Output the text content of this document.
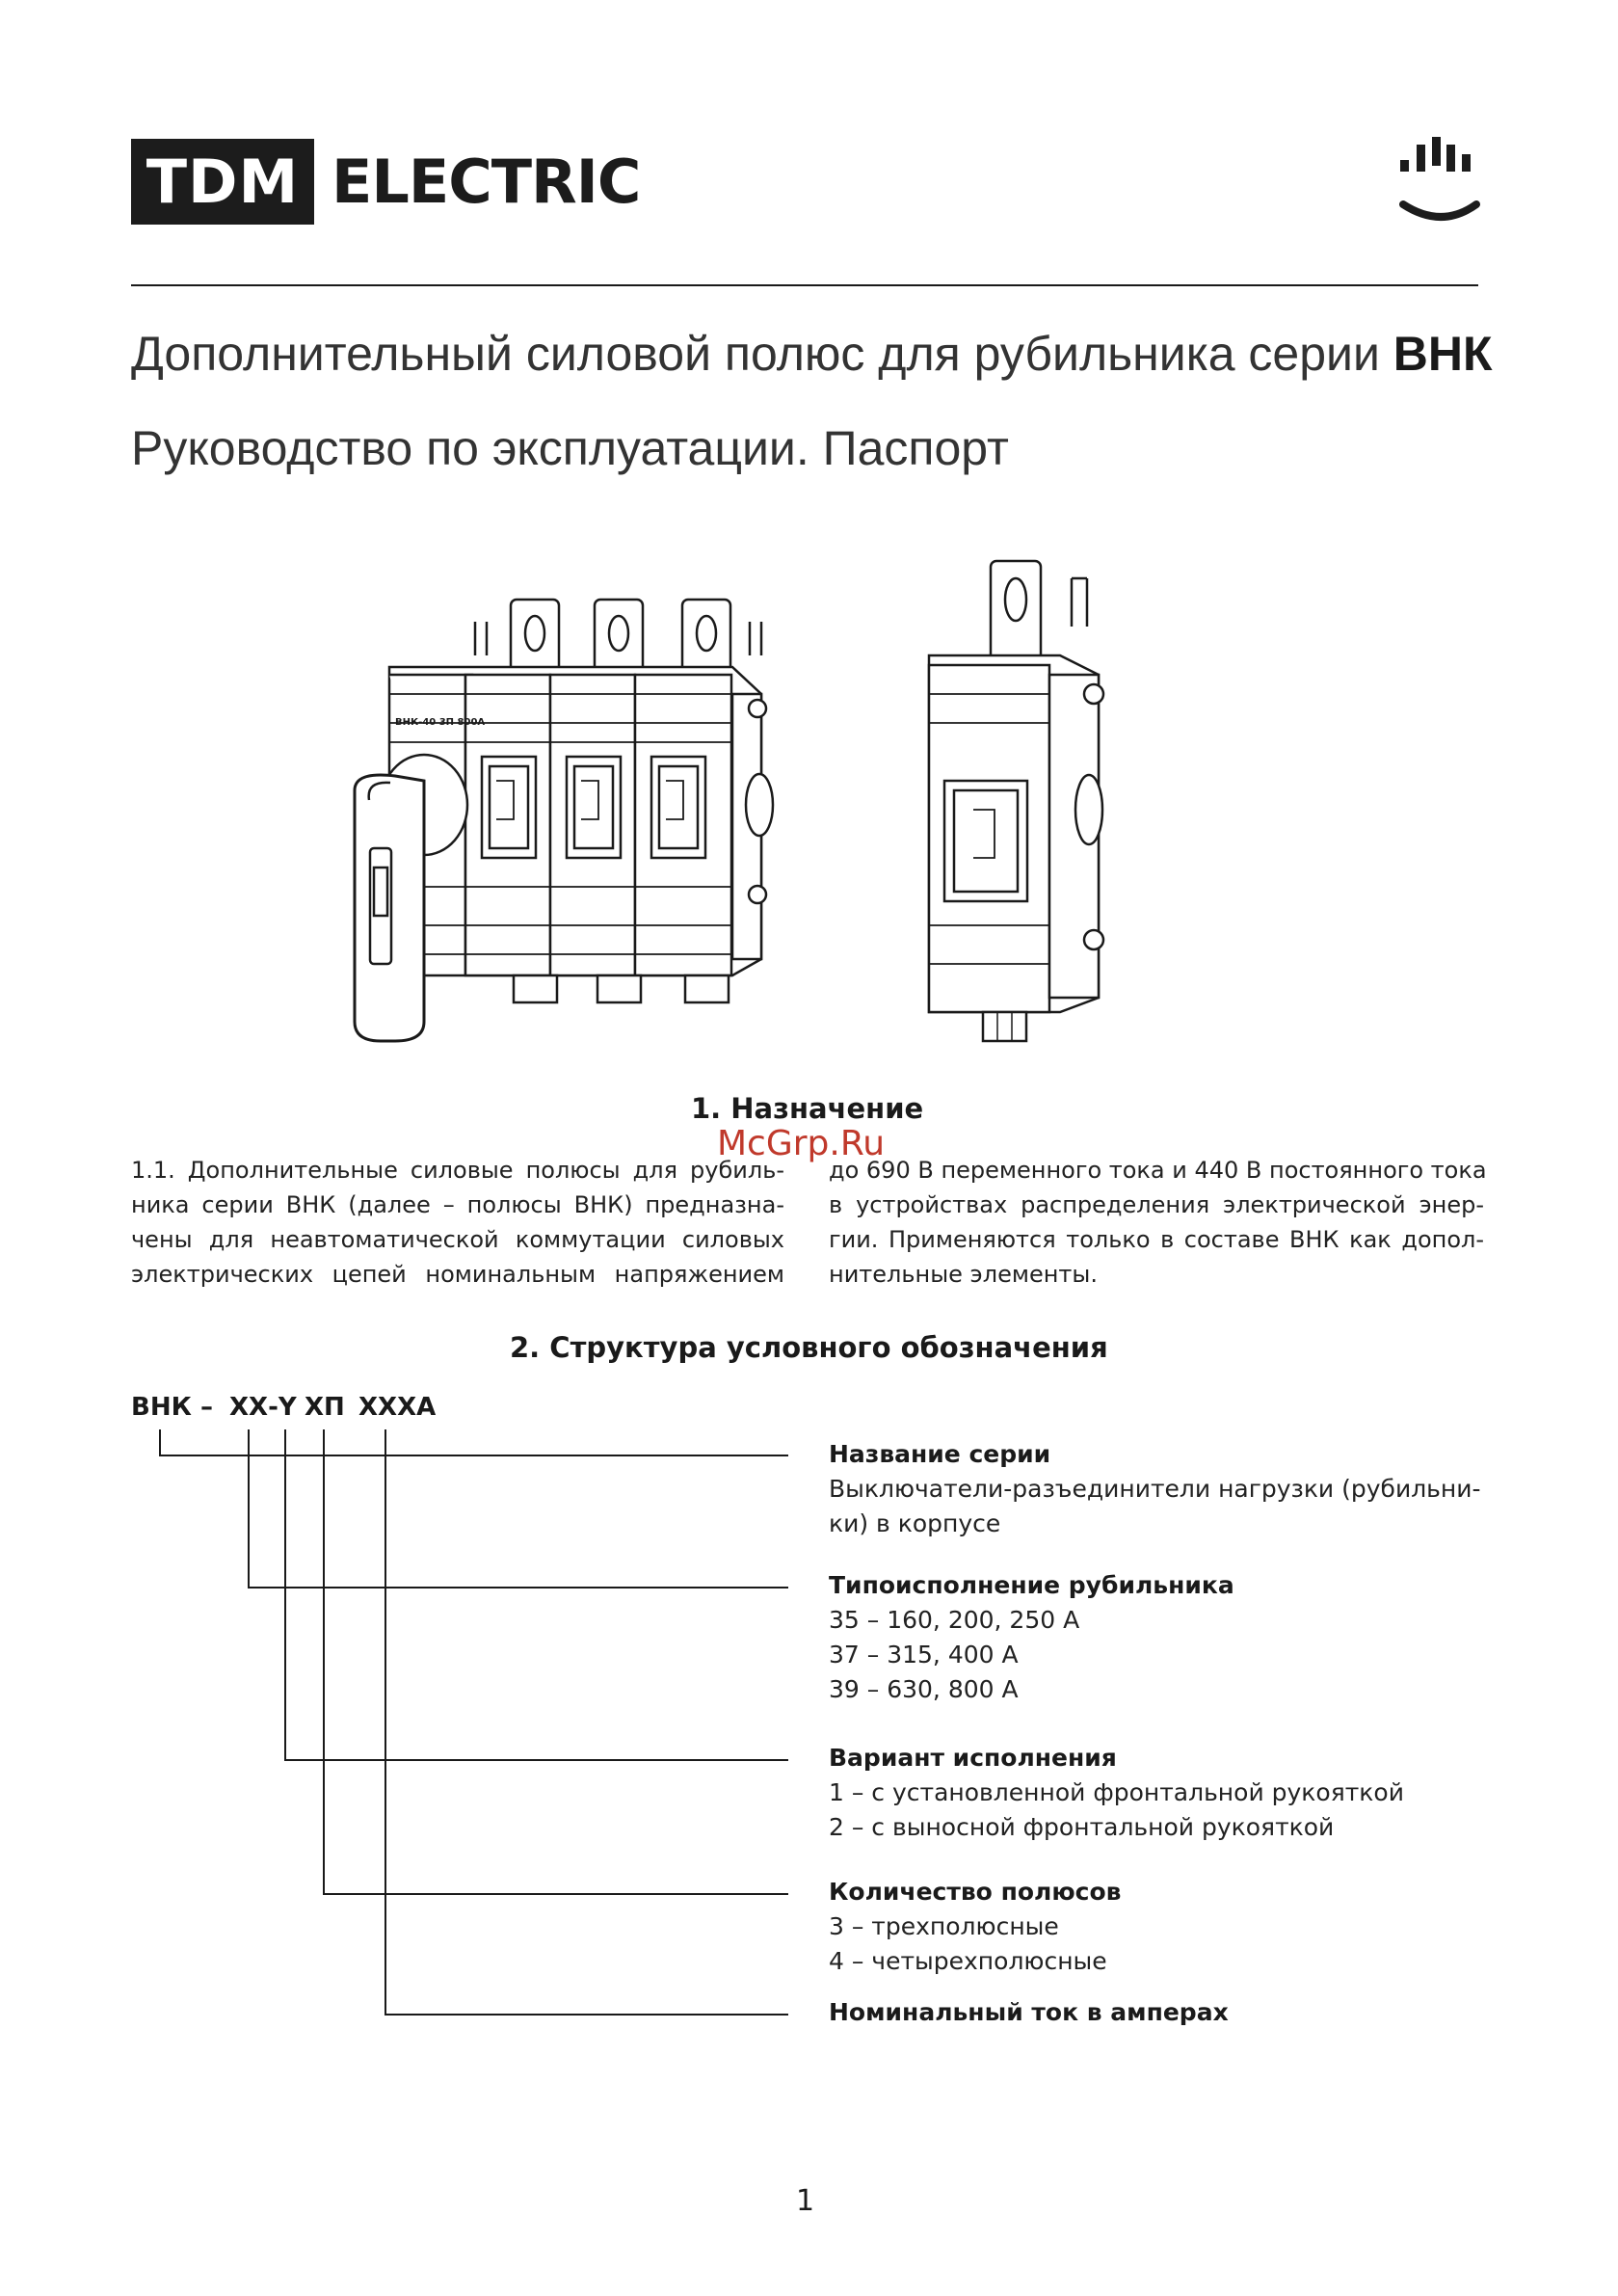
TDM ELECTRIC
ВНК-40 3П 800А
Дополнительный силовой полюс для рубильника серии ВНК
Руководство по эксплуатации. Паспорт
1. Назначение
1.1. Дополнительные силовые полюсы для рубиль-
ника серии ВНК (далее – полюсы ВНК) предназна-
чены для неавтоматической коммутации силовых
электрических цепей номинальным напряжением
до 690 В переменного тока и 440 В постоянного тока
в устройствах распределения электрической энер-
гии. Применяются только в составе ВНК как допол-
нительные элементы.
McGrp.Ru
2. Структура условного обозначения
ВНК – ХХ-Y ХП ХХХА
Название серии
Выключатели-разъединители нагрузки (рубильни-
ки) в корпусе
Типоисполнение рубильника
35 – 160, 200, 250 А
37 – 315, 400 А
39 – 630, 800 А
Вариант исполнения
1 – с установленной фронтальной рукояткой
2 – с выносной фронтальной рукояткой
Количество полюсов
3 – трехполюсные
4 – четырехполюсные
Номинальный ток в амперах
1
